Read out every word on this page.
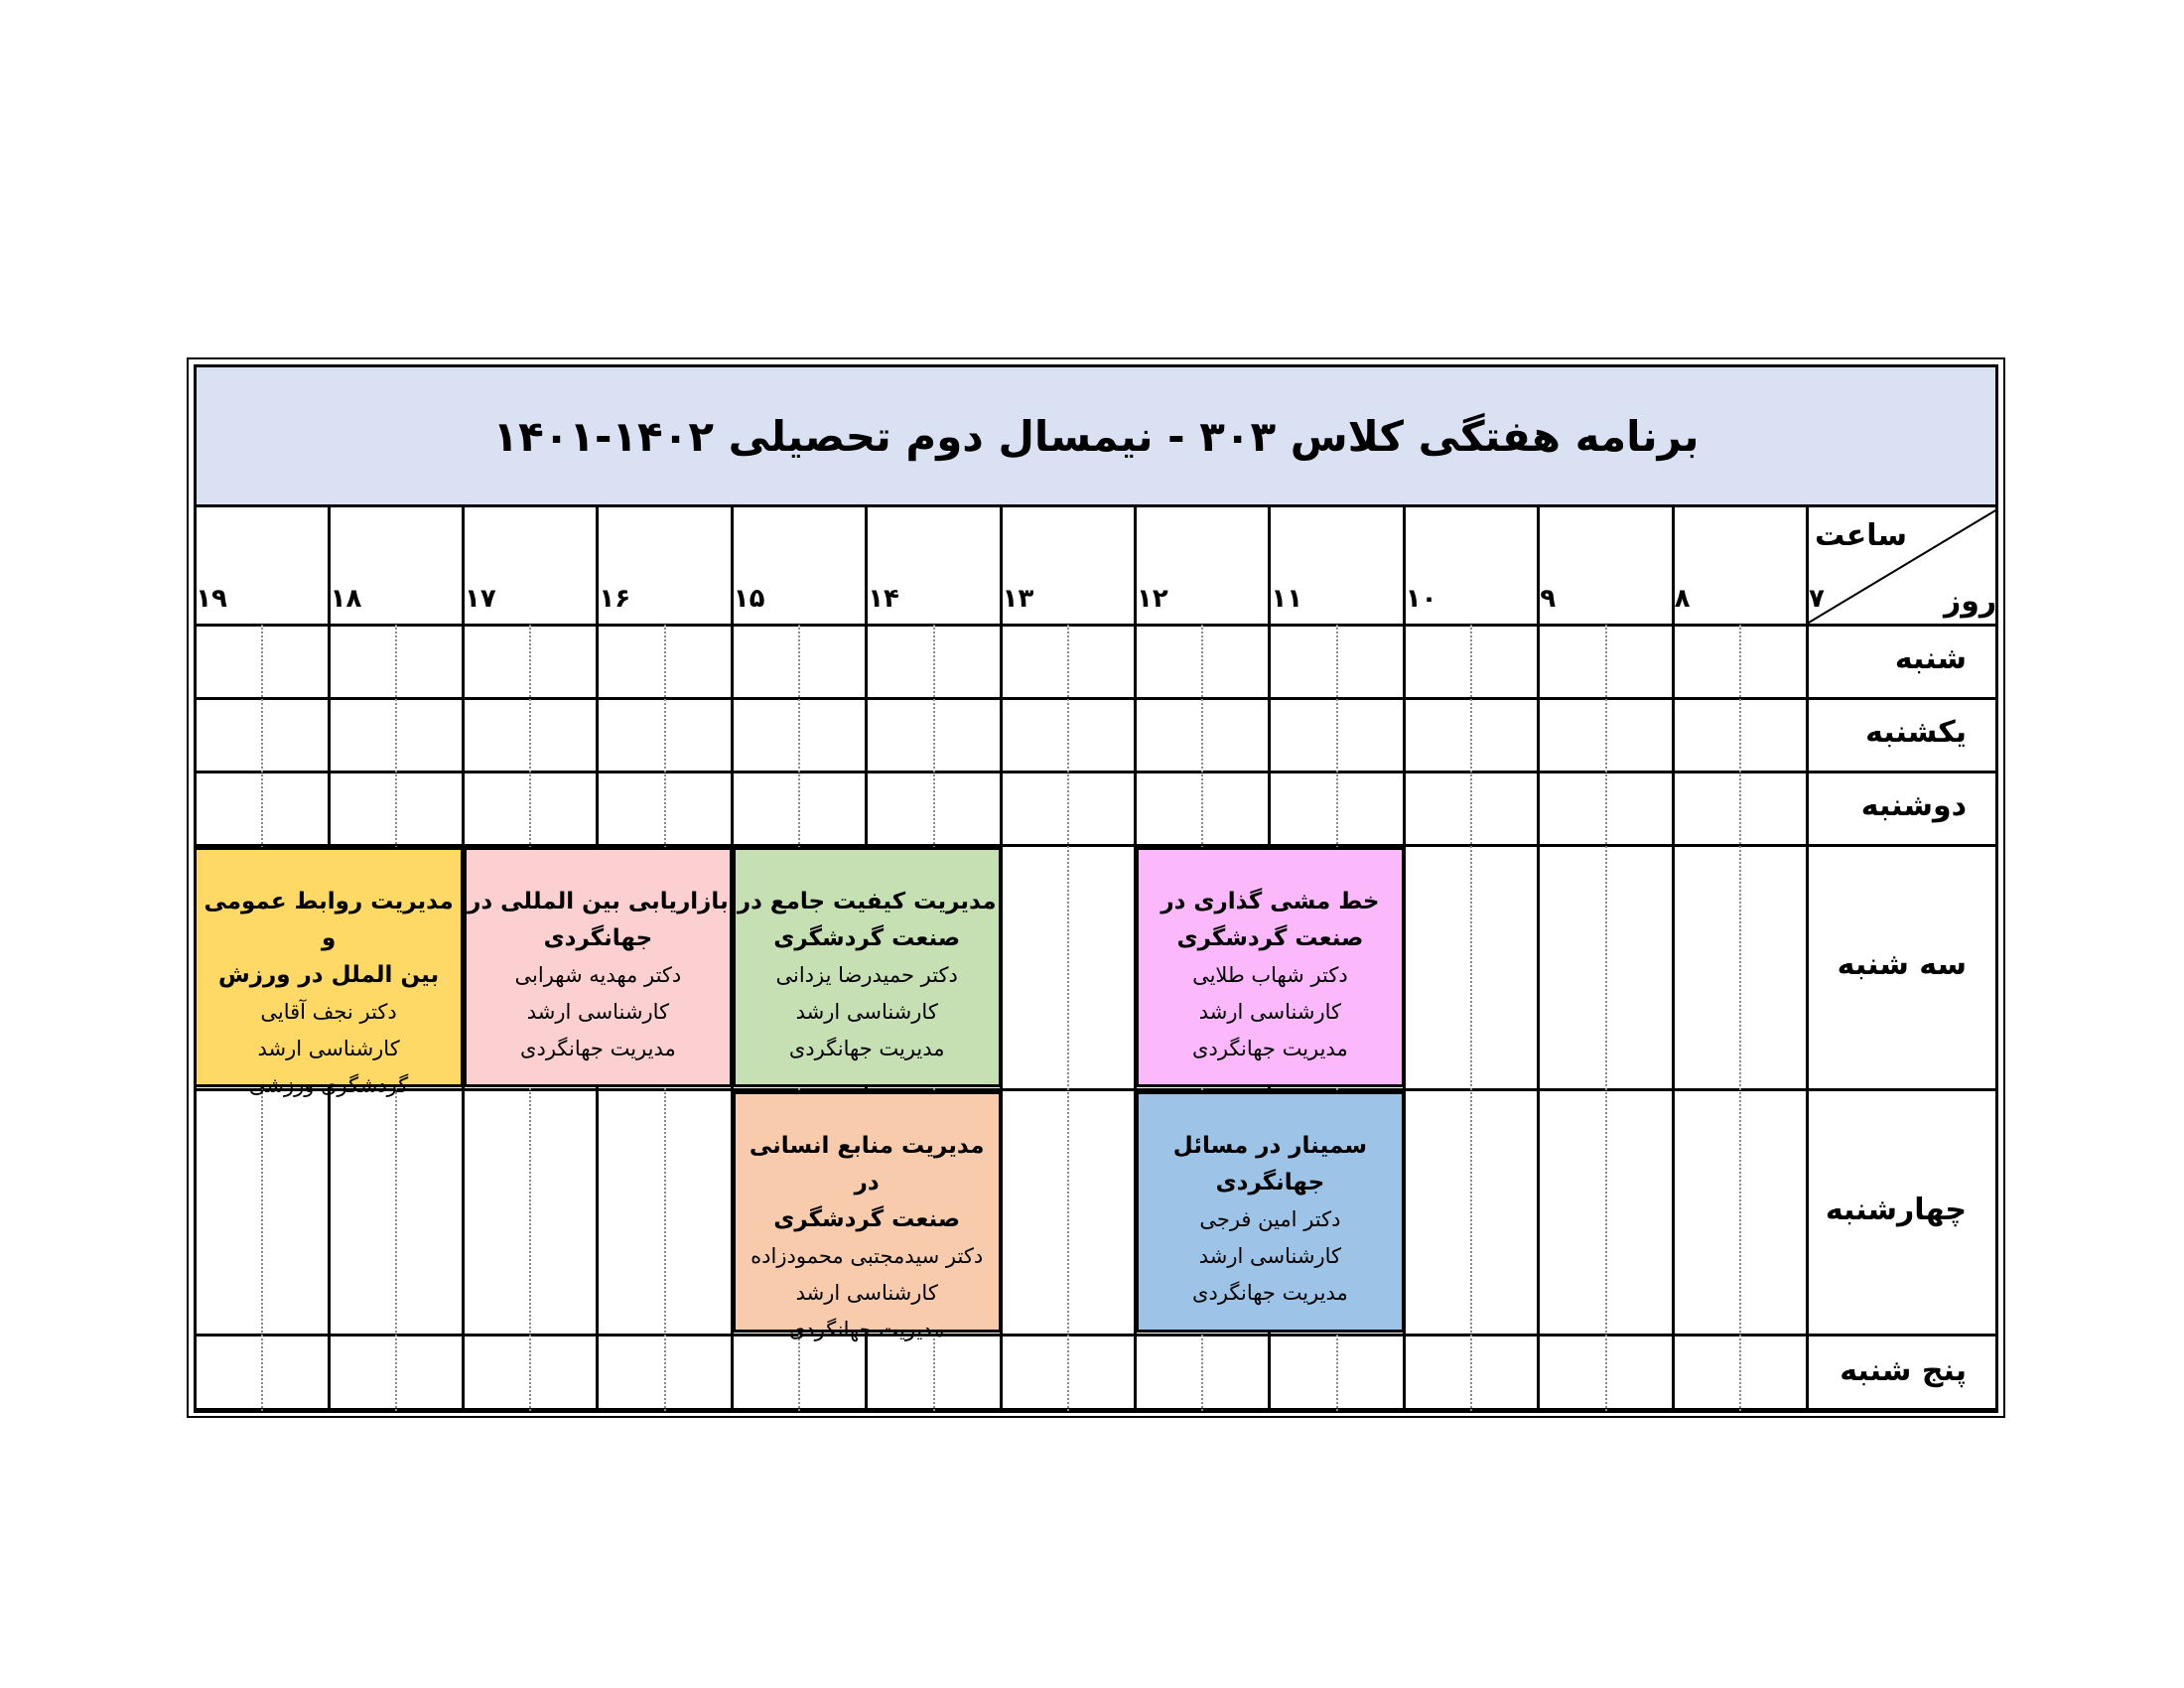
برنامه هفتگی کلاس ۳۰۳ - نیمسال دوم تحصیلی ۱۴۰۲-۱۴۰۱
۷
۸
۹
۱۰
۱۱
۱۲
۱۳
۱۴
۱۵
۱۶
۱۷
۱۸
۱۹
شنبه
یکشنبه
دوشنبه
سه شنبه
چهارشنبه
پنج شنبه
خط مشی گذاری در
صنعت گردشگری
دکتر شهاب طلایی
کارشناسی ارشد
مدیریت جهانگردی
مدیریت کیفیت جامع در
صنعت گردشگری
دکتر حمیدرضا یزدانی
کارشناسی ارشد
مدیریت جهانگردی
بازاریابی بین المللی در
جهانگردی
دکتر مهدیه شهرابی
کارشناسی ارشد
مدیریت جهانگردی
مدیریت روابط عمومی و
بین الملل در ورزش
دکتر نجف آقایی
کارشناسی ارشد
گردشگری ورزشی
سمینار در مسائل
جهانگردی
دکتر امین فرجی
کارشناسی ارشد
مدیریت جهانگردی
مدیریت منابع انسانی در
صنعت گردشگری
دکتر سیدمجتبی محمودزاده
کارشناسی ارشد
مدیریت جهانگردی
ساعت
روز
